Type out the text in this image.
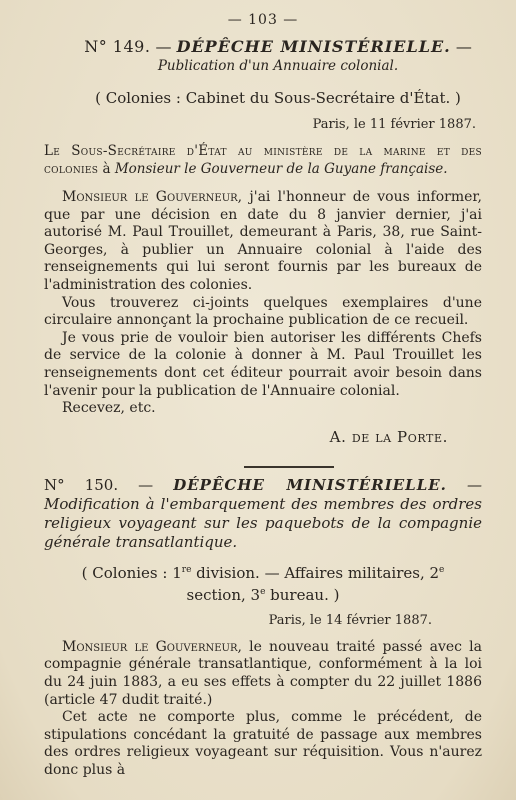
— 103 —
N° 149. — DÉPÊCHE MINISTÉRIELLE. —
Publication d'un Annuaire colonial.
( Colonies : Cabinet du Sous-Secrétaire d'État. )
Paris, le 11 février 1887.
Le Sous-Secrétaire d'État au ministère de la marine et des colonies à Monsieur le Gouverneur de la Guyane française.

Monsieur le Gouverneur, j'ai l'honneur de vous informer, que par une décision en date du 8 janvier dernier, j'ai autorisé M. Paul Trouillet, demeurant à Paris, 38, rue Saint-Georges, à publier un Annuaire colonial à l'aide des renseignements qui lui seront fournis par les bureaux de l'administration des colonies.

Vous trouverez ci-joints quelques exemplaires d'une circulaire annonçant la prochaine publication de ce recueil.

Je vous prie de vouloir bien autoriser les différents Chefs de service de la colonie à donner à M. Paul Trouillet les renseignements dont cet éditeur pourrait avoir besoin dans l'avenir pour la publication de l'Annuaire colonial.

Recevez, etc.

A. de la Porte.
N° 150. — DÉPÊCHE MINISTÉRIELLE. — Modification à l'embarquement des membres des ordres religieux voyageant sur les paquebots de la compagnie générale transatlantique.
( Colonies : 1re division. — Affaires militaires, 2e section, 3e bureau. )
Paris, le 14 février 1887.

Monsieur le Gouverneur, le nouveau traité passé avec la compagnie générale transatlantique, conformément à la loi du 24 juin 1883, a eu ses effets à compter du 22 juillet 1886 (article 47 dudit traité.)

Cet acte ne comporte plus, comme le précédent, de stipulations concédant la gratuité de passage aux membres des ordres religieux voyageant sur réquisition. Vous n'aurez donc plus à
